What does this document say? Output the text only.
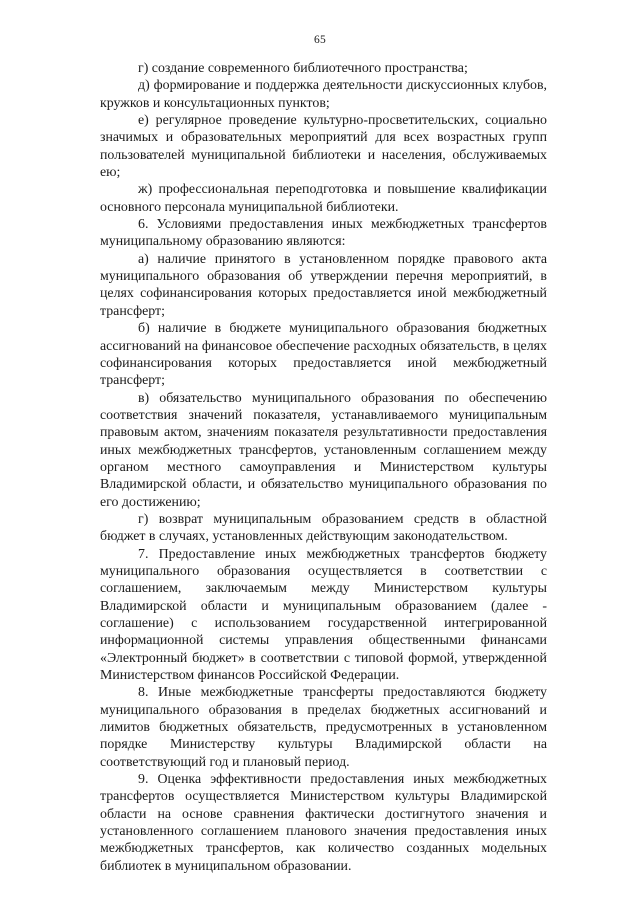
65

г) создание современного библиотечного пространства;

д) формирование и поддержка деятельности дискуссионных клубов, кружков и консультационных пунктов;

е) регулярное проведение культурно-просветительских, социально значимых и образовательных мероприятий для всех возрастных групп пользователей муниципальной библиотеки и населения, обслуживаемых ею;

ж) профессиональная переподготовка и повышение квалификации основного персонала муниципальной библиотеки.

6. Условиями предоставления иных межбюджетных трансфертов муниципальному образованию являются:

а) наличие принятого в установленном порядке правового акта муниципального образования об утверждении перечня мероприятий, в целях софинансирования которых предоставляется иной межбюджетный трансферт;

б) наличие в бюджете муниципального образования бюджетных ассигнований на финансовое обеспечение расходных обязательств, в целях софинансирования которых предоставляется иной межбюджетный трансферт;

в) обязательство муниципального образования по обеспечению соответствия значений показателя, устанавливаемого муниципальным правовым актом, значениям показателя результативности предоставления иных межбюджетных трансфертов, установленным соглашением между органом местного самоуправления и Министерством культуры Владимирской области, и обязательство муниципального образования по его достижению;

г) возврат муниципальным образованием средств в областной бюджет в случаях, установленных действующим законодательством.

7. Предоставление иных межбюджетных трансфертов бюджету муниципального образования осуществляется в соответствии с соглашением, заключаемым между Министерством культуры Владимирской области и муниципальным образованием (далее - соглашение) с использованием государственной интегрированной информационной системы управления общественными финансами «Электронный бюджет» в соответствии с типовой формой, утвержденной Министерством финансов Российской Федерации.

8. Иные межбюджетные трансферты предоставляются бюджету муниципального образования в пределах бюджетных ассигнований и лимитов бюджетных обязательств, предусмотренных в установленном порядке Министерству культуры Владимирской области на соответствующий год и плановый период.

9. Оценка эффективности предоставления иных межбюджетных трансфертов осуществляется Министерством культуры Владимирской области на основе сравнения фактически достигнутого значения и установленного соглашением планового значения предоставления иных межбюджетных трансфертов, как количество созданных модельных библиотек в муниципальном образовании.
